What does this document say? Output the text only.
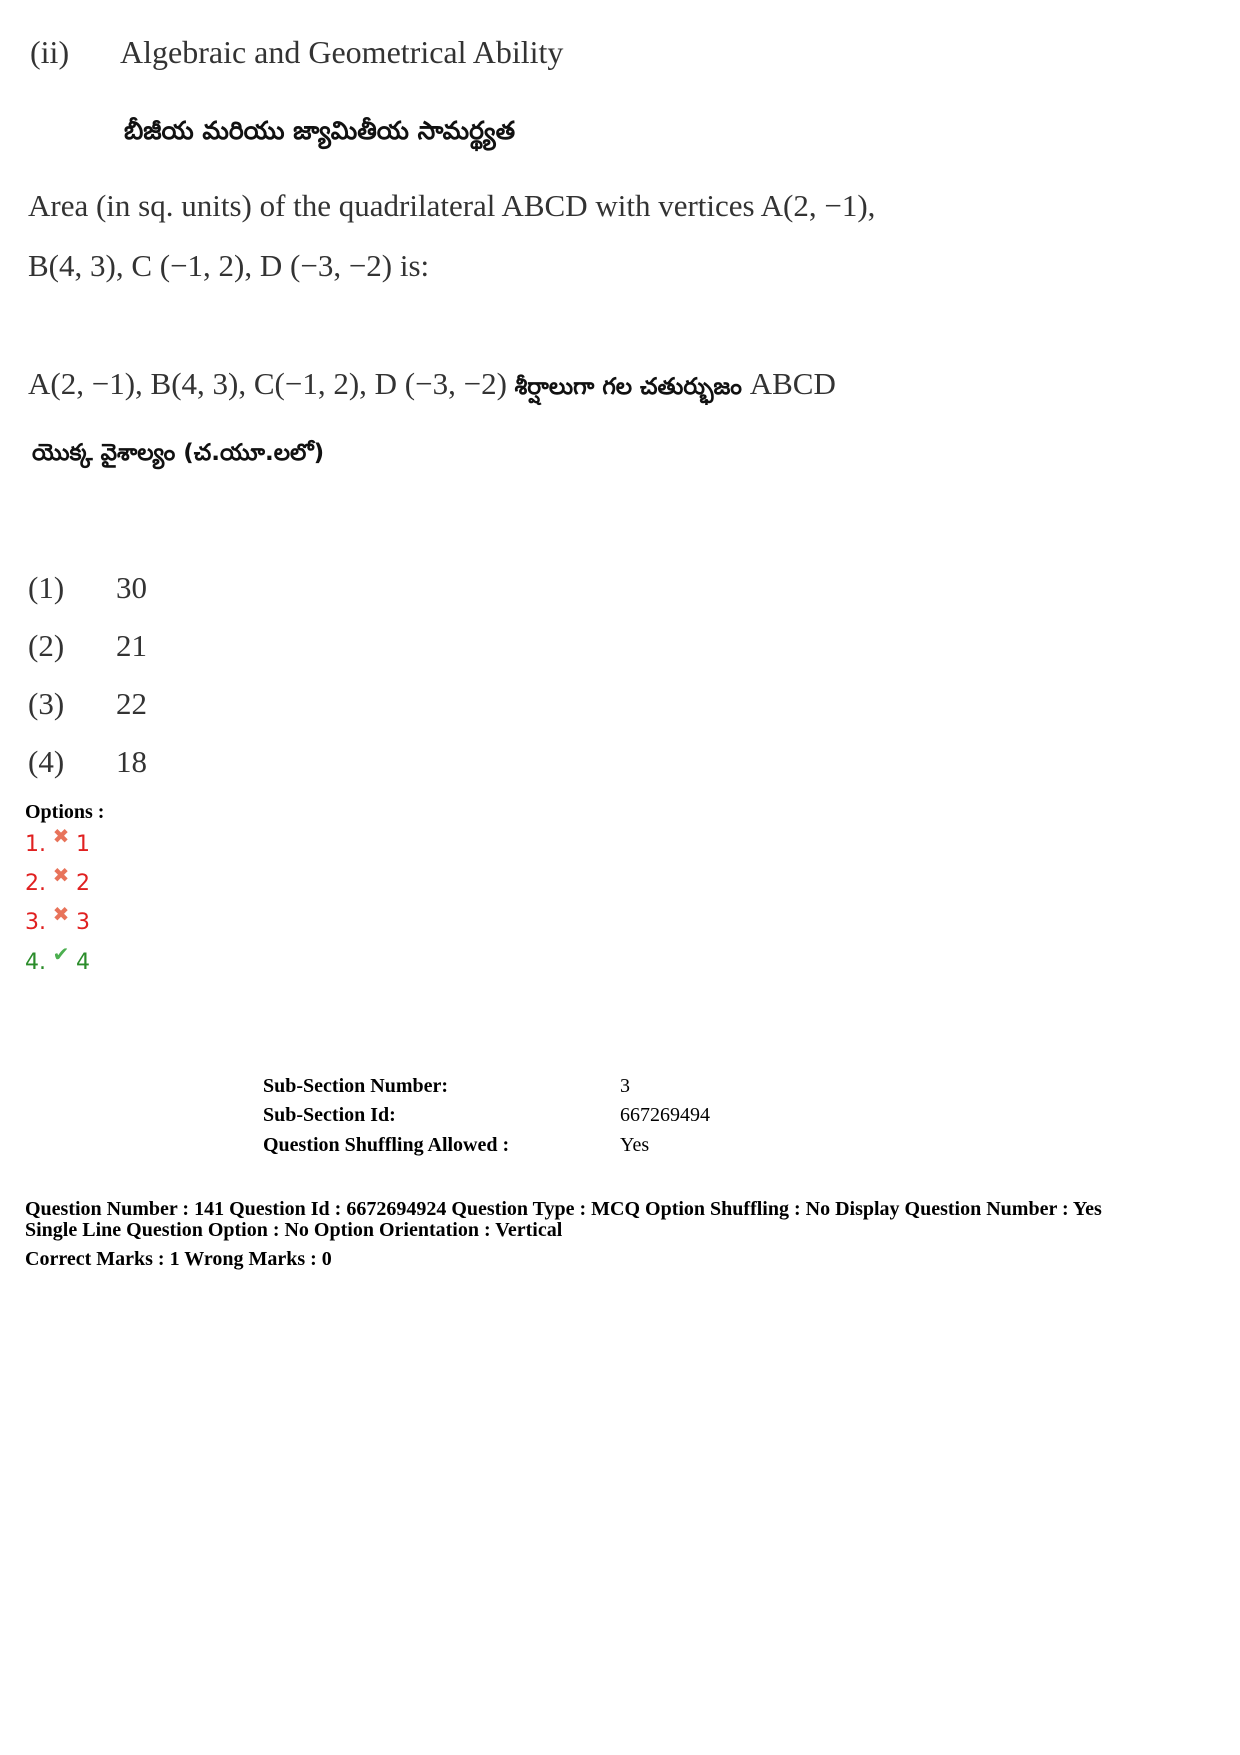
(ii) Algebraic and Geometrical Ability
బీజీయ మరియు జ్యామితీయ సామర్థ్యత
Area (in sq. units) of the quadrilateral ABCD with vertices A(2, −1),
B(4, 3), C (−1, 2), D (−3, −2) is:
A(2, −1), B(4, 3), C(−1, 2), D (−3, −2) శీర్షాలుగా గల చతుర్భుజం ABCD
యొక్క వైశాల్యం (చ.యూ.లలో)
(1) 30
(2) 21
(3) 22
(4) 18
Options :
1. ✖ 1
2. ✖ 2
3. ✖ 3
4. ✔ 4
Sub-Section Number:	3
Sub-Section Id:	667269494
Question Shuffling Allowed :	Yes
Question Number : 141 Question Id : 6672694924 Question Type : MCQ Option Shuffling : No Display Question Number : Yes
Single Line Question Option : No Option Orientation : Vertical
Correct Marks : 1 Wrong Marks : 0
